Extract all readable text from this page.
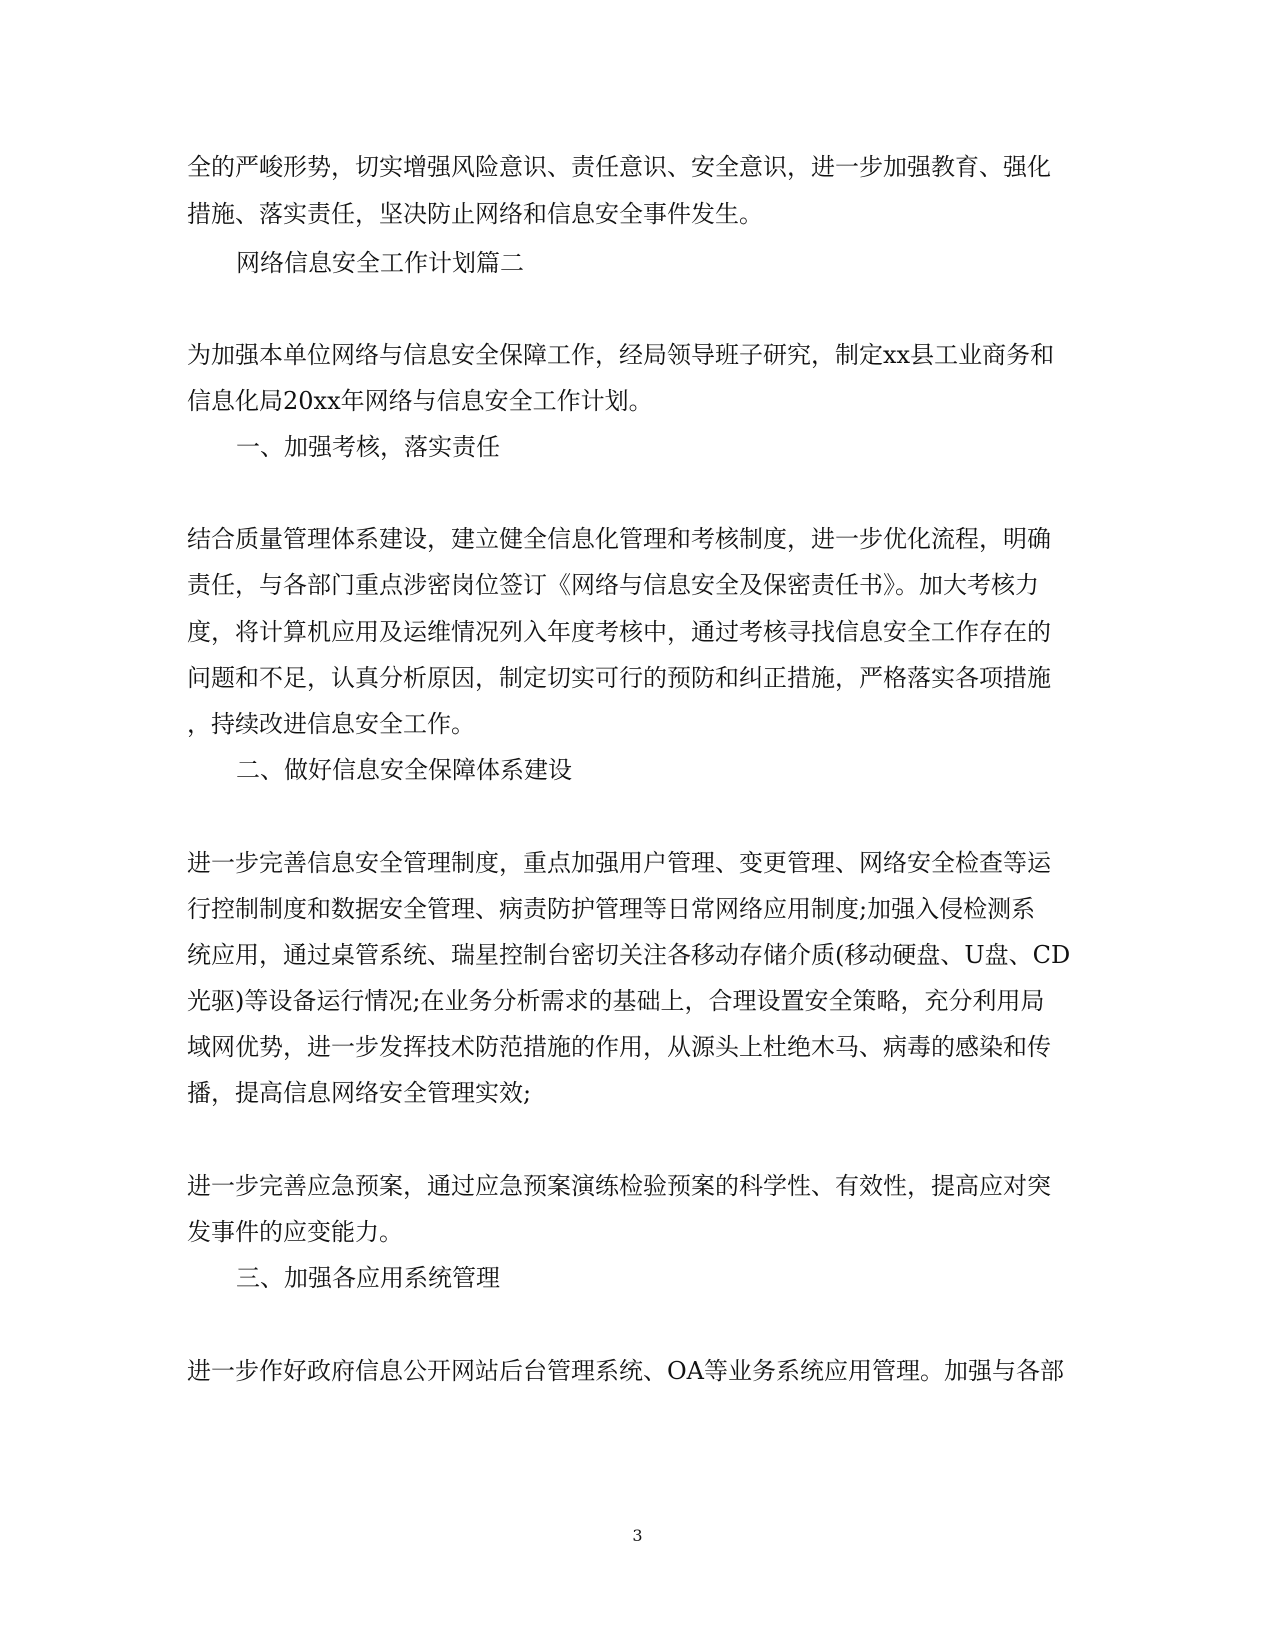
全的严峻形势，切实增强风险意识、责任意识、安全意识，进一步加强教育、强化
措施、落实责任，坚决防止网络和信息安全事件发生。
网络信息安全工作计划篇二
为加强本单位网络与信息安全保障工作，经局领导班子研究，制定xx县工业商务和
信息化局20xx年网络与信息安全工作计划。
一、加强考核，落实责任
结合质量管理体系建设，建立健全信息化管理和考核制度，进一步优化流程，明确
责任，与各部门重点涉密岗位签订《网络与信息安全及保密责任书》。加大考核力
度，将计算机应用及运维情况列入年度考核中，通过考核寻找信息安全工作存在的
问题和不足，认真分析原因，制定切实可行的预防和纠正措施，严格落实各项措施
，持续改进信息安全工作。
二、做好信息安全保障体系建设
进一步完善信息安全管理制度，重点加强用户管理、变更管理、网络安全检查等运
行控制制度和数据安全管理、病责防护管理等日常网络应用制度;加强入侵检测系
统应用，通过桌管系统、瑞星控制台密切关注各移动存储介质(移动硬盘、U盘、CD
光驱)等设备运行情况;在业务分析需求的基础上，合理设置安全策略，充分利用局
域网优势，进一步发挥技术防范措施的作用，从源头上杜绝木马、病毒的感染和传
播，提高信息网络安全管理实效;
进一步完善应急预案，通过应急预案演练检验预案的科学性、有效性，提高应对突
发事件的应变能力。
三、加强各应用系统管理
进一步作好政府信息公开网站后台管理系统、OA等业务系统应用管理。加强与各部
3
